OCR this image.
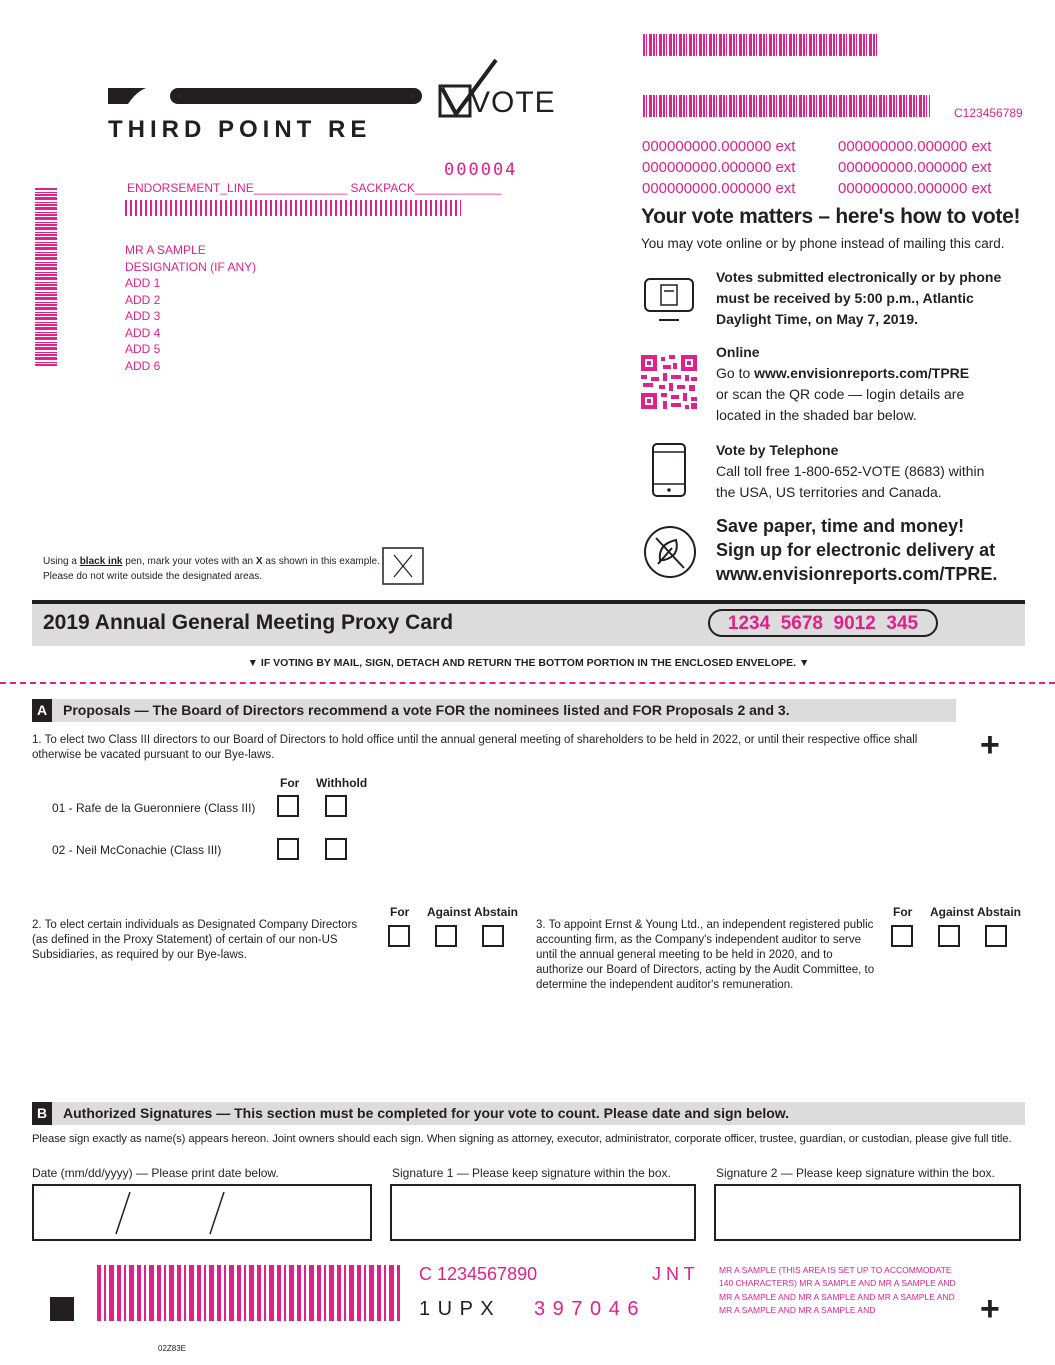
THIRD POINT RE
VOTE	C123456789
000000000.000000 ext	000000000.000000 ext
000000000.000000 ext	000000000.000000 ext
000000000.000000 ext	000000000.000000 ext
000004
ENDORSEMENT_LINE______________ SACKPACK_____________
MR A SAMPLE
DESIGNATION (IF ANY)
ADD 1
ADD 2
ADD 3
ADD 4
ADD 5
ADD 6
Your vote matters – here's how to vote!
You may vote online or by phone instead of mailing this card.
Votes submitted electronically or by phone must be received by 5:00 p.m., Atlantic Daylight Time, on May 7, 2019.
Online
Go to www.envisionreports.com/TPRE
or scan the QR code — login details are located in the shaded bar below.
Vote by Telephone
Call toll free 1-800-652-VOTE (8683) within the USA, US territories and Canada.
Save paper, time and money!
Sign up for electronic delivery at
www.envisionreports.com/TPRE.
Using a black ink pen, mark your votes with an X as shown in this example.
Please do not write outside the designated areas.
2019 Annual General Meeting Proxy Card	1234  5678  9012  345
▼ IF VOTING BY MAIL, SIGN, DETACH AND RETURN THE BOTTOM PORTION IN THE ENCLOSED ENVELOPE. ▼
A	Proposals — The Board of Directors recommend a vote FOR the nominees listed and FOR Proposals 2 and 3.
+
1. To elect two Class III directors to our Board of Directors to hold office until the annual general meeting of shareholders to be held in 2022, or until their respective office shall otherwise be vacated pursuant to our Bye-laws.
For Withhold
01 - Rafe de la Gueronniere (Class III)
02 - Neil McConachie (Class III)
2. To elect certain individuals as Designated Company Directors (as defined in the Proxy Statement) of certain of our non-US Subsidiaries, as required by our Bye-laws.
For Against Abstain
3. To appoint Ernst & Young Ltd., an independent registered public accounting firm, as the Company's independent auditor to serve until the annual general meeting to be held in 2020, and to authorize our Board of Directors, acting by the Audit Committee, to determine the independent auditor's remuneration.
For Against Abstain
B	Authorized Signatures — This section must be completed for your vote to count. Please date and sign below.
Please sign exactly as name(s) appears hereon. Joint owners should each sign. When signing as attorney, executor, administrator, corporate officer, trustee, guardian, or custodian, please give full title.
Date (mm/dd/yyyy) — Please print date below.	Signature 1 — Please keep signature within the box.	Signature 2 — Please keep signature within the box.
C 1234567890	J N T
1 U P X 3 9 7 0 4 6
MR A SAMPLE (THIS AREA IS SET UP TO ACCOMMODATE 140 CHARACTERS) MR A SAMPLE AND MR A SAMPLE AND MR A SAMPLE AND MR A SAMPLE AND MR A SAMPLE AND MR A SAMPLE AND MR A SAMPLE AND	+
02Z83E
